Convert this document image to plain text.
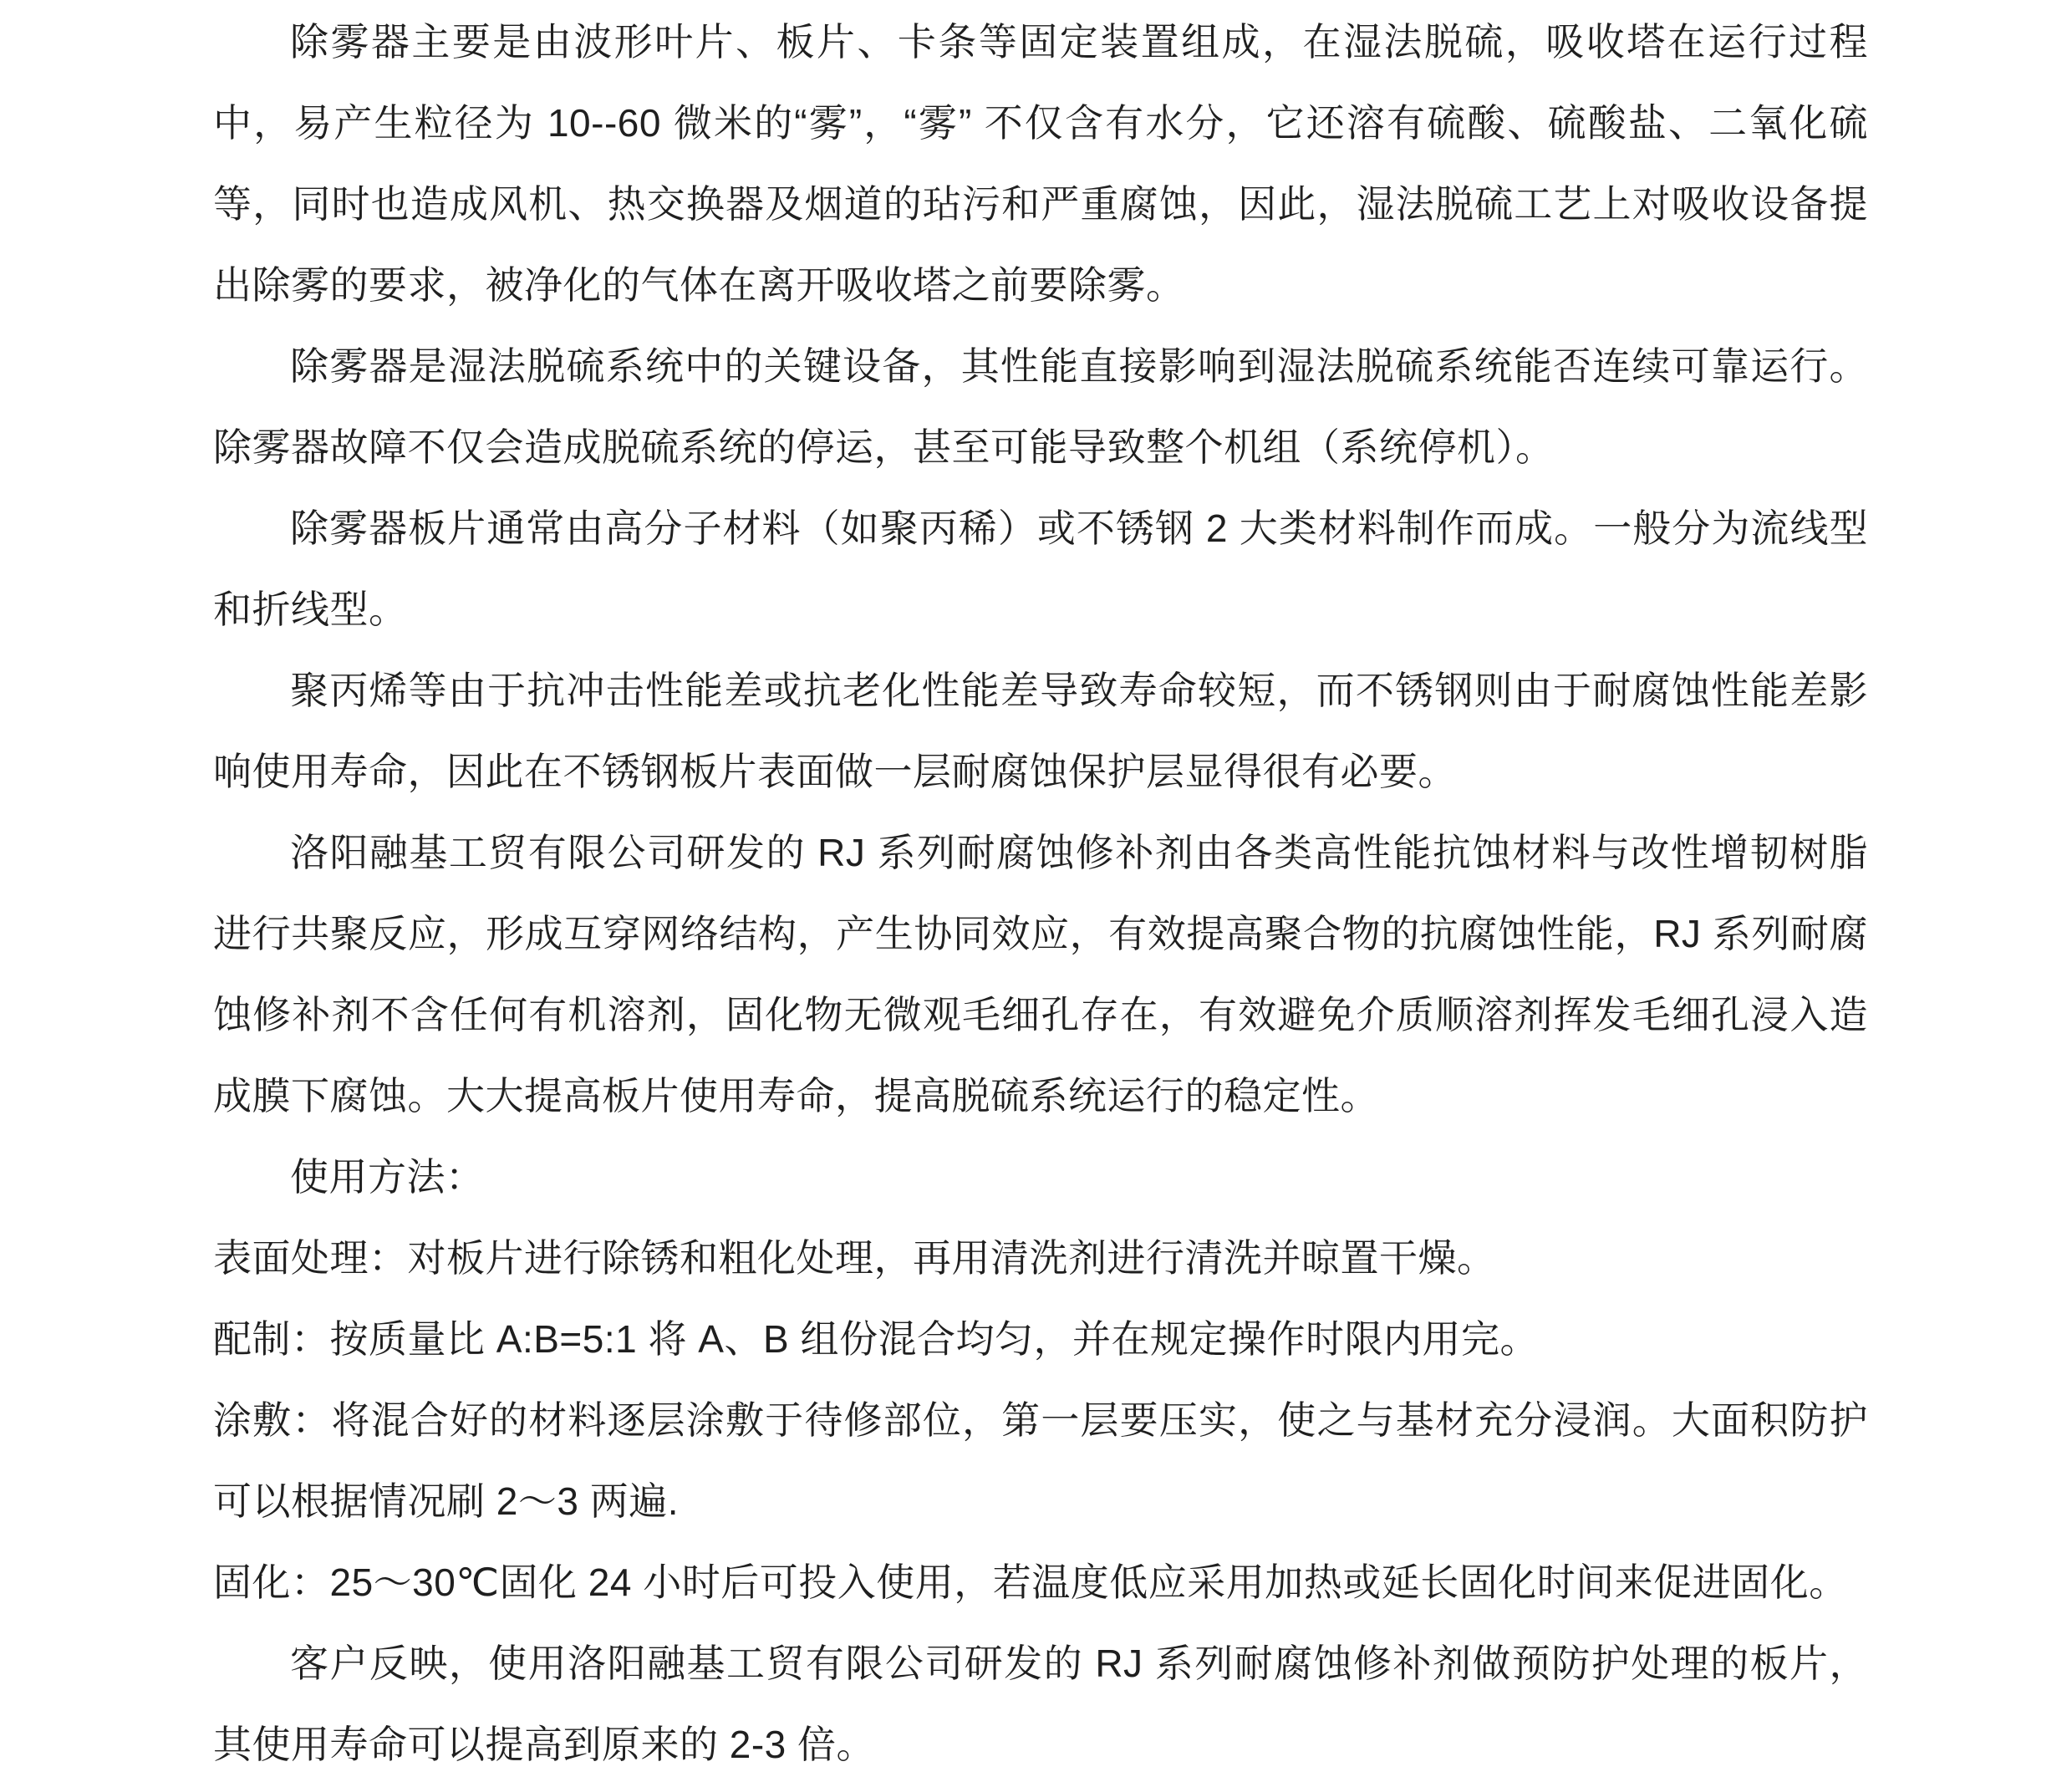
除雾器主要是由波形叶片、板片、卡条等固定装置组成，在湿法脱硫，吸收塔在运行过程中，易产生粒径为 10--60 微米的“雾”，“雾” 不仅含有水分，它还溶有硫酸、硫酸盐、二氧化硫等，同时也造成风机、热交换器及烟道的玷污和严重腐蚀，因此，湿法脱硫工艺上对吸收设备提出除雾的要求，被净化的气体在离开吸收塔之前要除雾。

除雾器是湿法脱硫系统中的关键设备，其性能直接影响到湿法脱硫系统能否连续可靠运行。除雾器故障不仅会造成脱硫系统的停运，甚至可能导致整个机组（系统停机）。

除雾器板片通常由高分子材料（如聚丙稀）或不锈钢 2 大类材料制作而成。一般分为流线型和折线型。

聚丙烯等由于抗冲击性能差或抗老化性能差导致寿命较短，而不锈钢则由于耐腐蚀性能差影响使用寿命，因此在不锈钢板片表面做一层耐腐蚀保护层显得很有必要。

洛阳融基工贸有限公司研发的 RJ 系列耐腐蚀修补剂由各类高性能抗蚀材料与改性增韧树脂进行共聚反应，形成互穿网络结构，产生协同效应，有效提高聚合物的抗腐蚀性能，RJ 系列耐腐蚀修补剂不含任何有机溶剂，固化物无微观毛细孔存在，有效避免介质顺溶剂挥发毛细孔浸入造成膜下腐蚀。大大提高板片使用寿命，提高脱硫系统运行的稳定性。

使用方法：

表面处理：对板片进行除锈和粗化处理，再用清洗剂进行清洗并晾置干燥。

配制：按质量比 A:B=5:1 将 A、B 组份混合均匀，并在规定操作时限内用完。

涂敷：将混合好的材料逐层涂敷于待修部位，第一层要压实，使之与基材充分浸润。大面积防护可以根据情况刷 2～3 两遍.

固化：25～30℃固化 24 小时后可投入使用，若温度低应采用加热或延长固化时间来促进固化。

客户反映，使用洛阳融基工贸有限公司研发的 RJ 系列耐腐蚀修补剂做预防护处理的板片，其使用寿命可以提高到原来的 2-3 倍。
